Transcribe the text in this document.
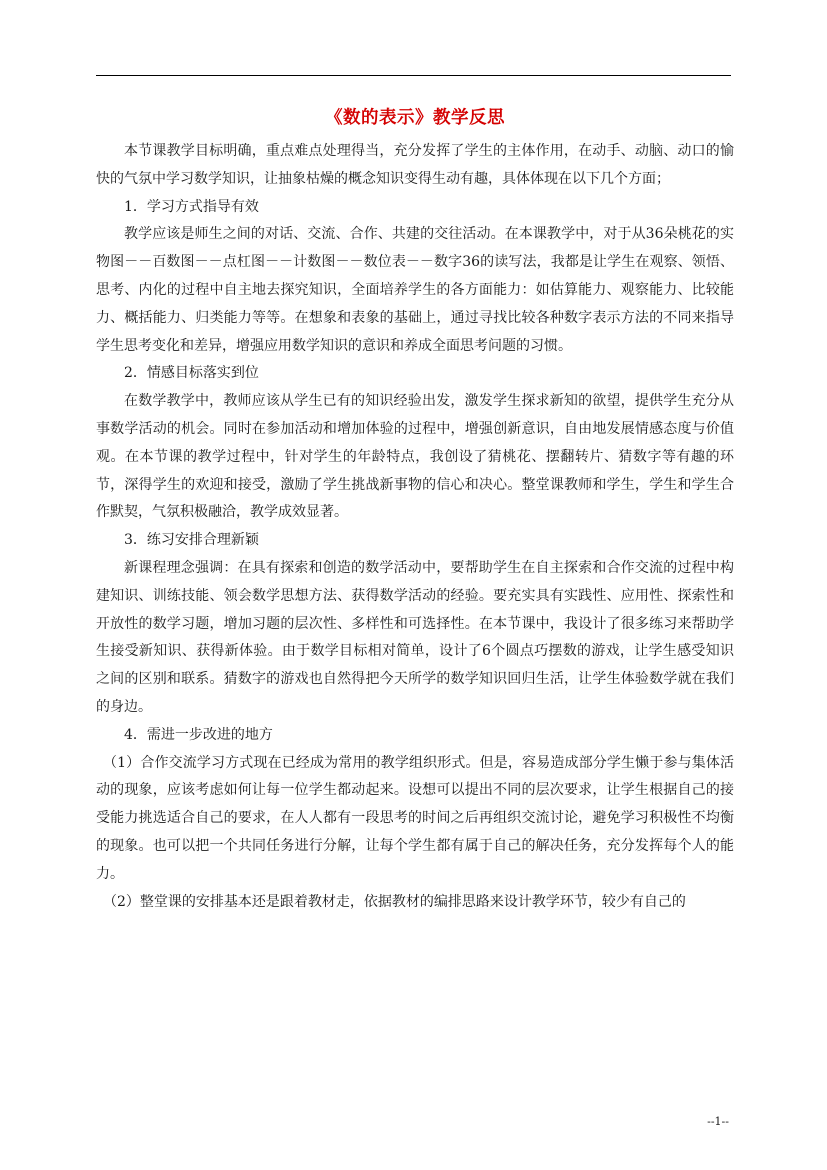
《数的表示》教学反思

本节课教学目标明确，重点难点处理得当，充分发挥了学生的主体作用，在动手、动脑、动口的愉快的气氛中学习数学知识，让抽象枯燥的概念知识变得生动有趣，具体体现在以下几个方面；

1．学习方式指导有效

教学应该是师生之间的对话、交流、合作、共建的交往活动。在本课教学中，对于从36朵桃花的实物图－－百数图－－点杠图－－计数图－－数位表－－数字36的读写法，我都是让学生在观察、领悟、思考、内化的过程中自主地去探究知识，全面培养学生的各方面能力：如估算能力、观察能力、比较能力、概括能力、归类能力等等。在想象和表象的基础上，通过寻找比较各种数字表示方法的不同来指导学生思考变化和差异，增强应用数学知识的意识和养成全面思考问题的习惯。

2．情感目标落实到位

在数学教学中，教师应该从学生已有的知识经验出发，激发学生探求新知的欲望，提供学生充分从事数学活动的机会。同时在参加活动和增加体验的过程中，增强创新意识，自由地发展情感态度与价值观。在本节课的教学过程中，针对学生的年龄特点，我创设了猜桃花、摆翻转片、猜数字等有趣的环节，深得学生的欢迎和接受，激励了学生挑战新事物的信心和决心。整堂课教师和学生，学生和学生合作默契，气氛积极融洽，教学成效显著。

3．练习安排合理新颖

新课程理念强调：在具有探索和创造的数学活动中，要帮助学生在自主探索和合作交流的过程中构建知识、训练技能、领会数学思想方法、获得数学活动的经验。要充实具有实践性、应用性、探索性和开放性的数学习题，增加习题的层次性、多样性和可选择性。在本节课中，我设计了很多练习来帮助学生接受新知识、获得新体验。由于数学目标相对简单，设计了6个圆点巧摆数的游戏，让学生感受知识之间的区别和联系。猜数字的游戏也自然得把今天所学的数学知识回归生活，让学生体验数学就在我们的身边。

4．需进一步改进的地方

（1）合作交流学习方式现在已经成为常用的教学组织形式。但是，容易造成部分学生懒于参与集体活动的现象，应该考虑如何让每一位学生都动起来。设想可以提出不同的层次要求，让学生根据自己的接受能力挑选适合自己的要求，在人人都有一段思考的时间之后再组织交流讨论，避免学习积极性不均衡的现象。也可以把一个共同任务进行分解，让每个学生都有属于自己的解决任务，充分发挥每个人的能力。

（2）整堂课的安排基本还是跟着教材走，依据教材的编排思路来设计教学环节，较少有自己的

--1--
